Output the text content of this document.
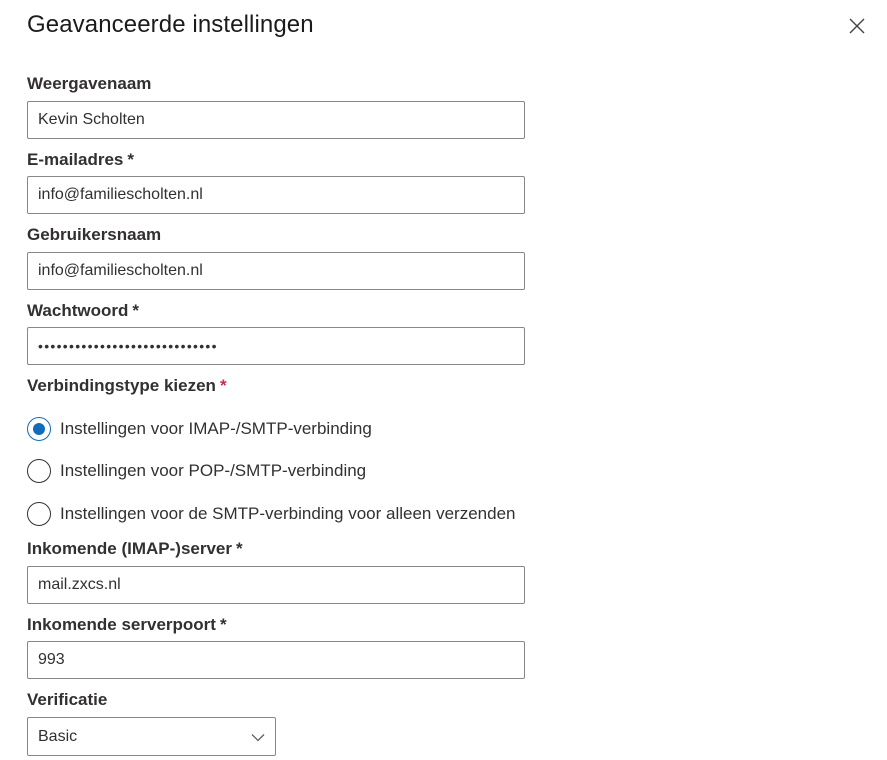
Geavanceerde instellingen
Weergavenaam
Kevin Scholten
E-mailadres *
info@familiescholten.nl
Gebruikersnaam
info@familiescholten.nl
Wachtwoord *
•••••••••••••••••••••••••••••
Verbindingstype kiezen *
Instellingen voor IMAP-/SMTP-verbinding
Instellingen voor POP-/SMTP-verbinding
Instellingen voor de SMTP-verbinding voor alleen verzenden
Inkomende (IMAP-)server *
mail.zxcs.nl
Inkomende serverpoort *
993
Verificatie
Basic
